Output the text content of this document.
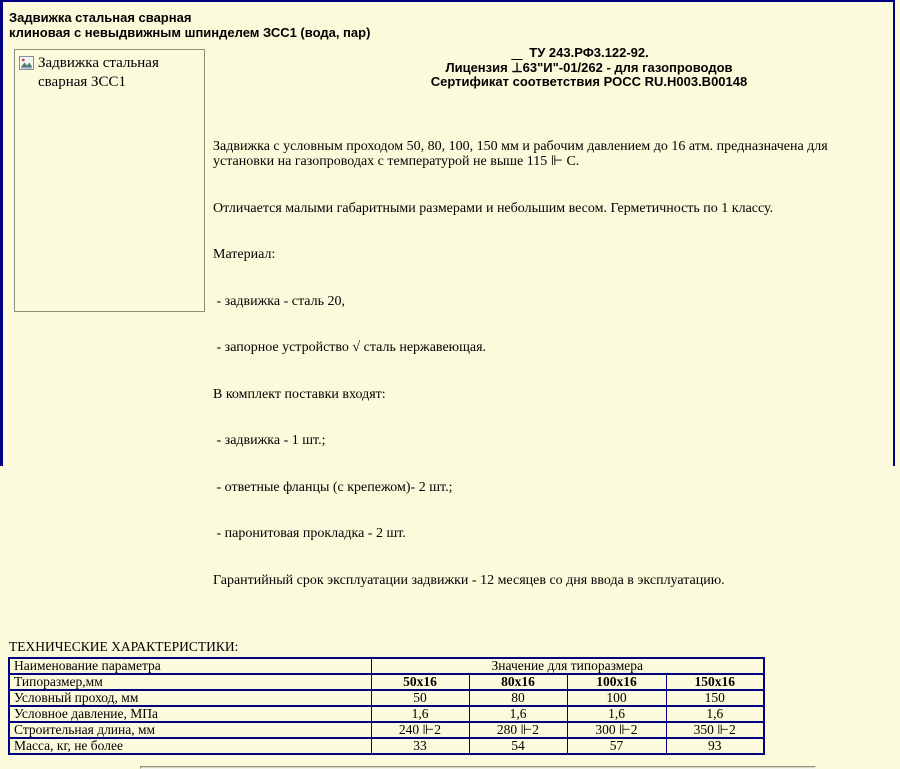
Задвижка стальная сварная
клиновая с невыдвижным шпинделем ЗСС1 (вода, пар)
Задвижка стальная сварная ЗСС1
ТУ 243.РФ3.122-92.
Лицензия ⊥63"И"-01/262 - для газопроводов
Сертификат соответствия РОСС RU.Н003.В00148

Задвижка с условным проходом 50, 80, 100, 150 мм и рабочим давлением до 16 атм. предназначена для установки на газопроводах с температурой не выше 115 ⊩ С.

Отличается малыми габаритными размерами и небольшим весом. Герметичность по 1 классу.

Материал:

- задвижка - сталь 20,

- запорное устройство √ сталь нержавеющая.

В комплект поставки входят:

- задвижка - 1 шт.;

- ответные фланцы (с крепежом)- 2 шт.;

- паронитовая прокладка - 2 шт.

Гарантийный срок эксплуатации задвижки - 12 месяцев со дня ввода в эксплуатацию.

ТЕХНИЧЕСКИЕ ХАРАКТЕРИСТИКИ:
Наименование параметра	Значение для типоразмера			
Типоразмер,мм	50x16	80x16	100x16	150x16
Условный проход, мм	50	80	100	150
Условное давление, МПа	1,6	1,6	1,6	1,6
Строительная длина, мм	240 ⊩2	280 ⊩2	300 ⊩2	350 ⊩2
Масса, кг, не более	33	54	57	93
